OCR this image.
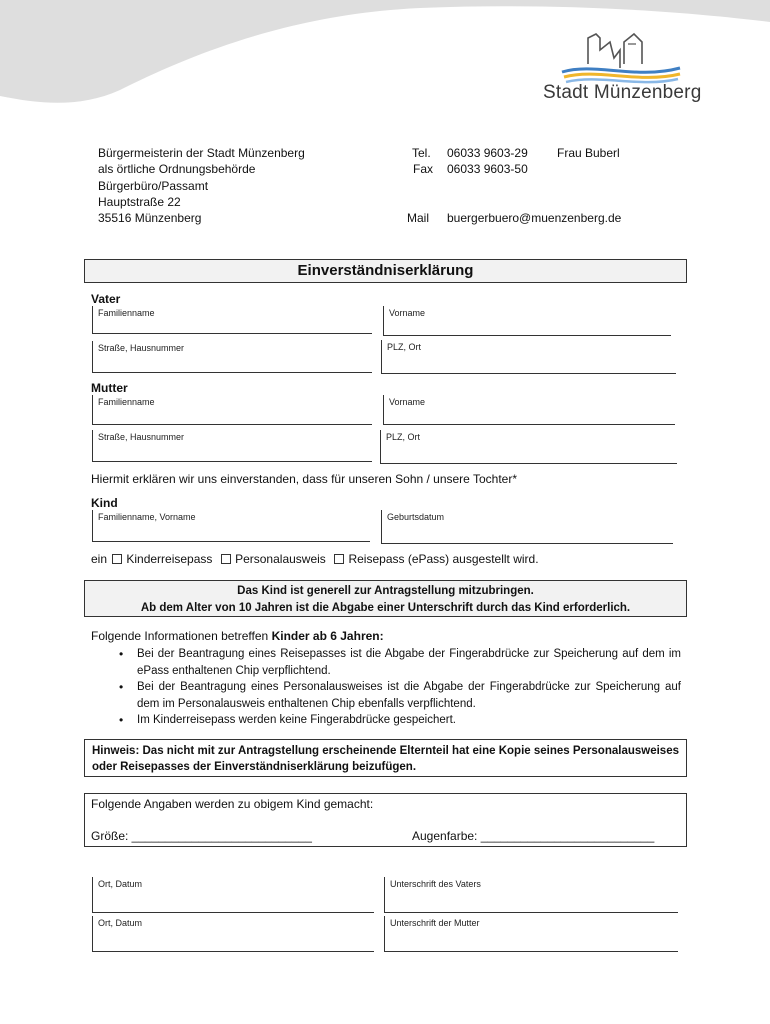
Stadt Münzenberg
Bürgermeisterin der Stadt Münzenberg
als örtliche Ordnungsbehörde
Bürgerbüro/Passamt
Hauptstraße 22
35516 Münzenberg
Tel. 06033 9603-29 Frau Buberl
Fax 06033 9603-50
Mail buergerbuero@muenzenberg.de
Einverständniserklärung
Vater
Familienname	Vorname
Straße, Hausnummer	PLZ, Ort
Mutter
Familienname	Vorname
Straße, Hausnummer	PLZ, Ort
Hiermit erklären wir uns einverstanden, dass für unseren Sohn / unsere Tochter*
Kind
Familienname, Vorname	Geburtsdatum
ein Kinderreisepass Personalausweis Reisepass (ePass) ausgestellt wird.
Das Kind ist generell zur Antragstellung mitzubringen.
Ab dem Alter von 10 Jahren ist die Abgabe einer Unterschrift durch das Kind erforderlich.
Folgende Informationen betreffen Kinder ab 6 Jahren:
• Bei der Beantragung eines Reisepasses ist die Abgabe der Fingerabdrücke zur Speicherung auf dem im ePass enthaltenen Chip verpflichtend.
• Bei der Beantragung eines Personalausweises ist die Abgabe der Fingerabdrücke zur Speicherung auf dem im Personalausweis enthaltenen Chip ebenfalls verpflichtend.
• Im Kinderreisepass werden keine Fingerabdrücke gespeichert.
Hinweis: Das nicht mit zur Antragstellung erscheinende Elternteil hat eine Kopie seines Personalausweises oder Reisepasses der Einverständniserklärung beizufügen.
Folgende Angaben werden zu obigem Kind gemacht:
Größe: ___________________________	Augenfarbe: __________________________
Ort, Datum	Unterschrift des Vaters
Ort, Datum	Unterschrift der Mutter
